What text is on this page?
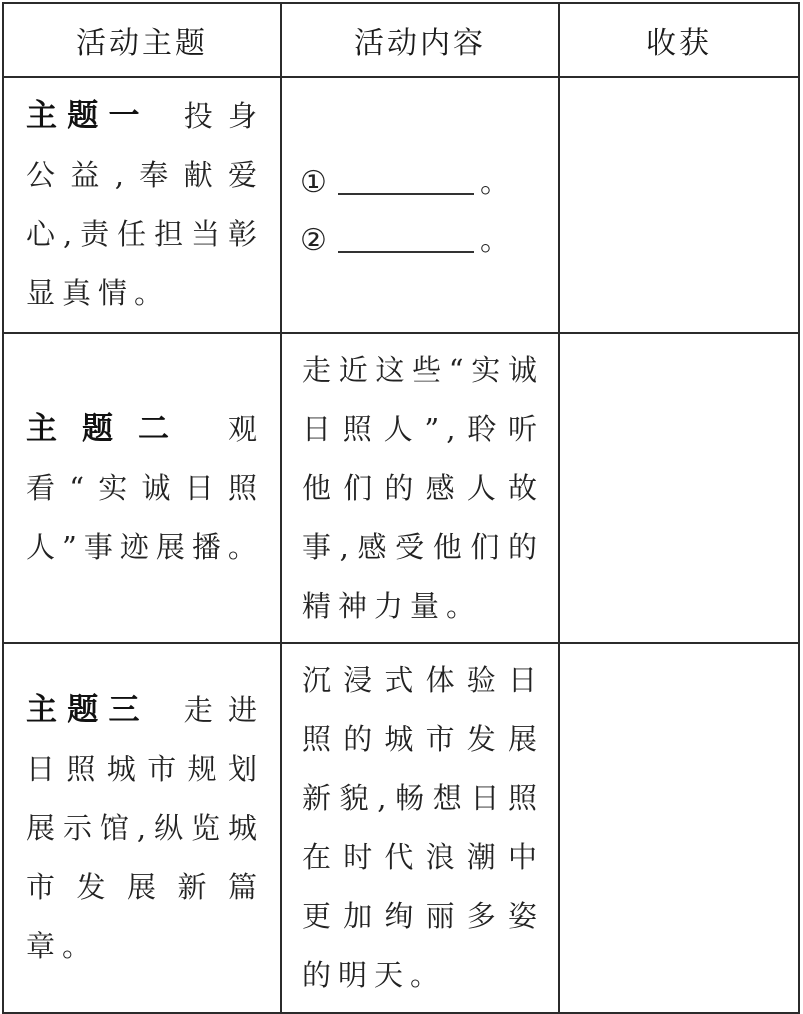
活动主题	活动内容	收获

主题一 投身公益,奉献爱心,责任担当彰显真情。	① 。
② 。	

主题二 观看“实诚日照人”事迹展播。	走近这些“实诚日照人”,聆听他们的感人故事,感受他们的精神力量。	

主题三 走进日照城市规划展示馆,纵览城市发展新篇章。	沉浸式体验日照的城市发展新貌,畅想日照在时代浪潮中更加绚丽多姿的明天。	
